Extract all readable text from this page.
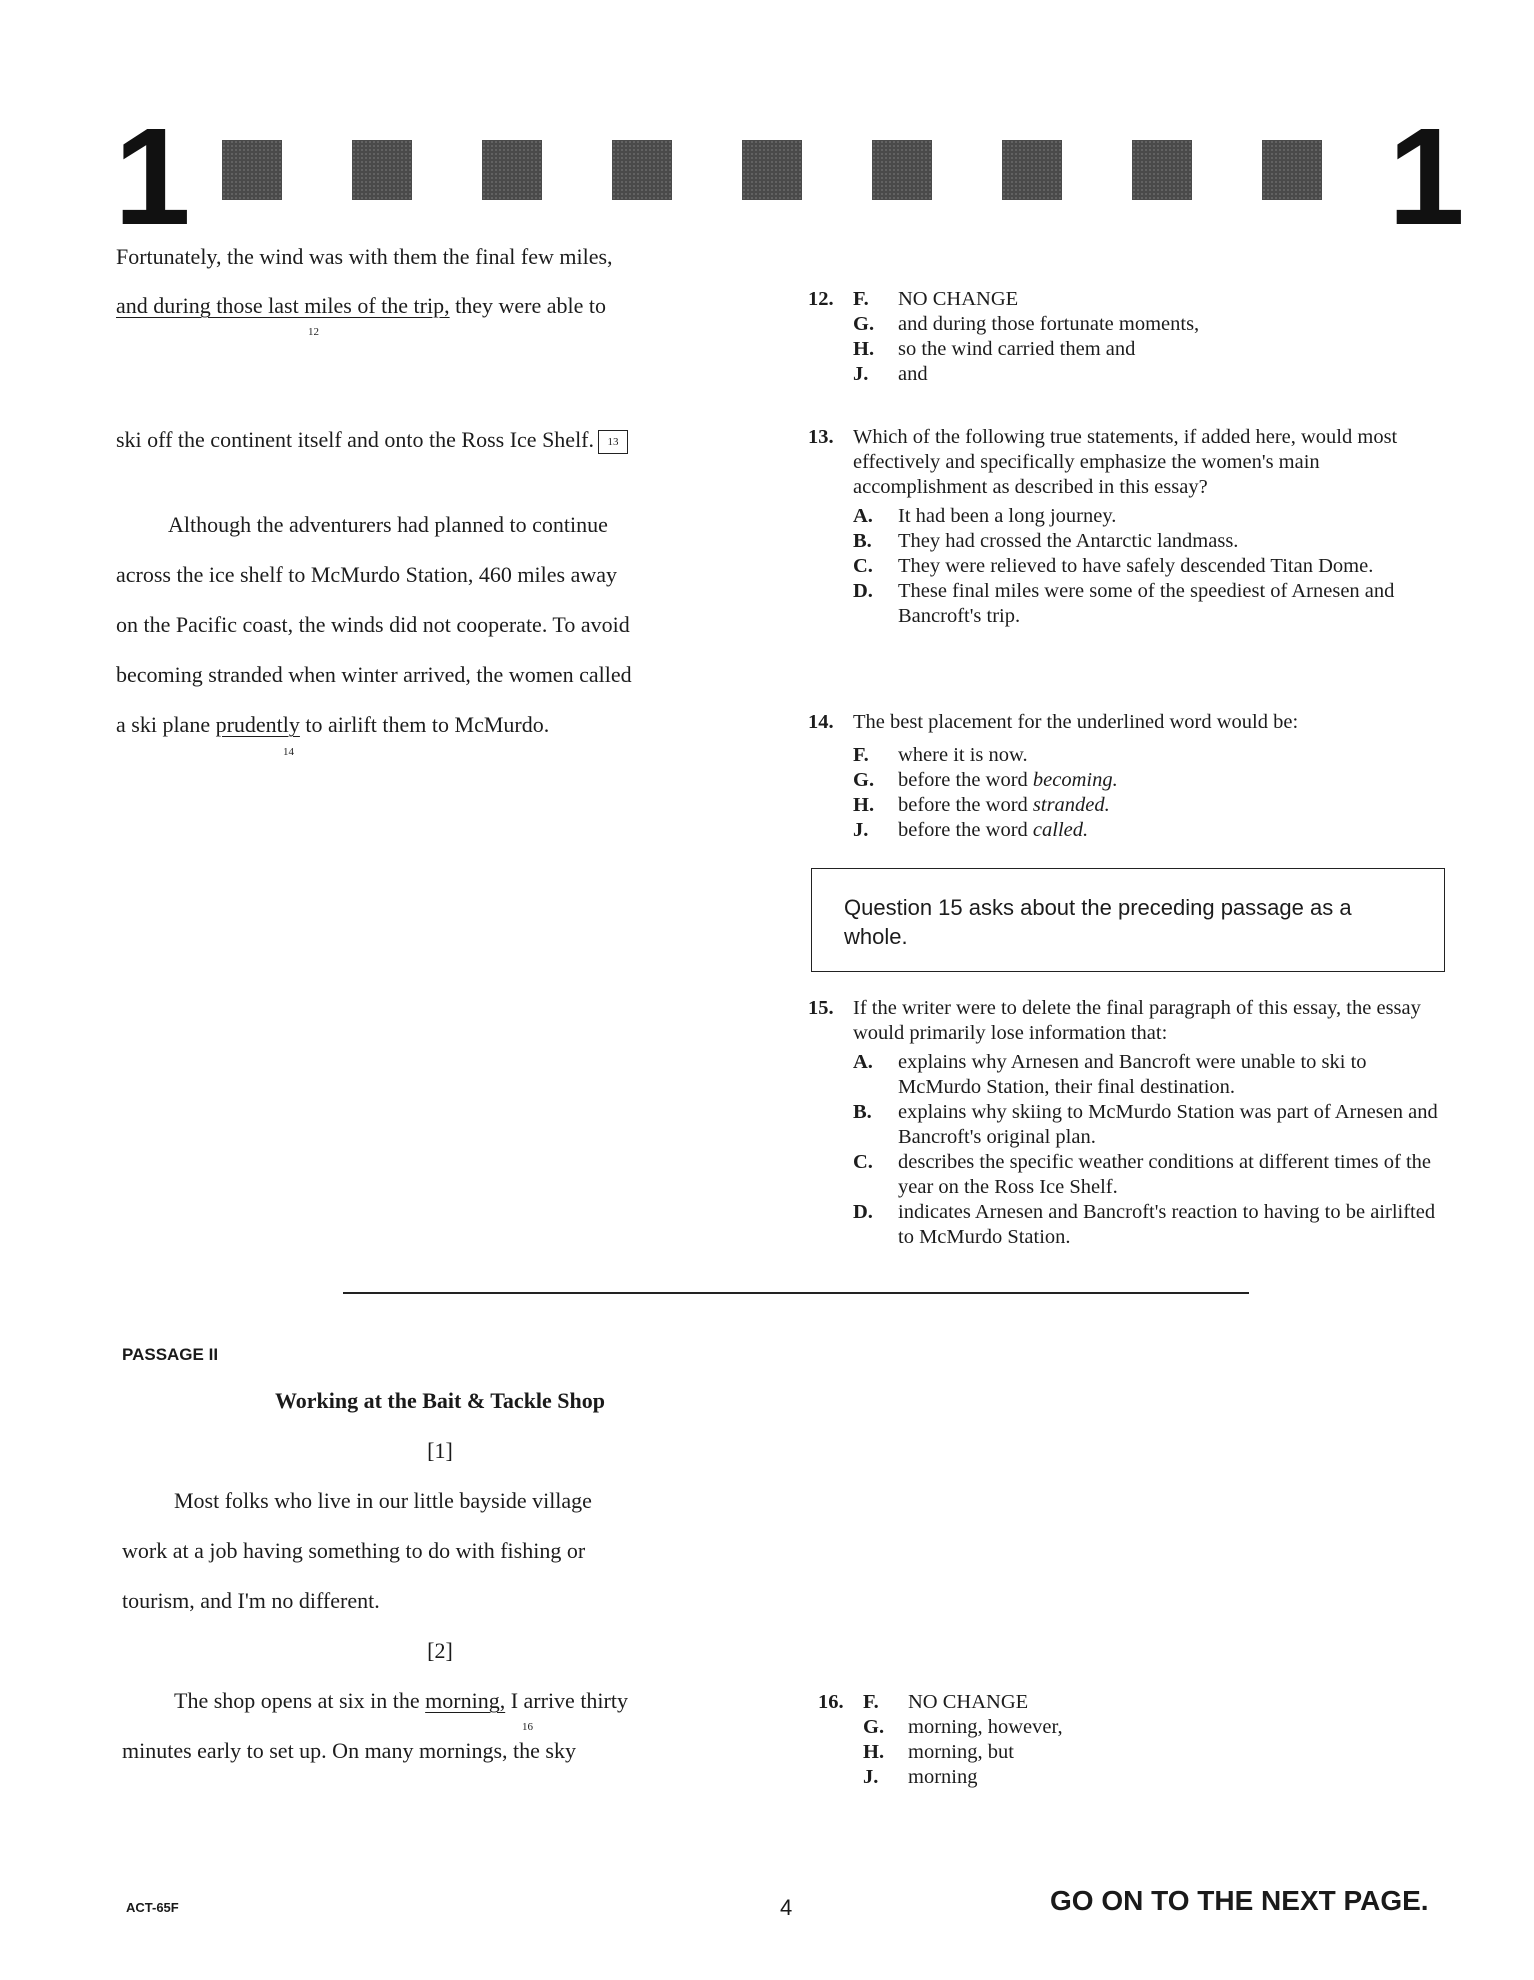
1	1
Fortunately, the wind was with them the final few miles,
and during those last miles of the trip, they were able to
12
ski off the continent itself and onto the Ross Ice Shelf. 13
Although the adventurers had planned to continue
across the ice shelf to McMurdo Station, 460 miles away
on the Pacific coast, the winds did not cooperate. To avoid
becoming stranded when winter arrived, the women called
a ski plane prudently to airlift them to McMurdo.
14
12. F.	NO CHANGE
G.	and during those fortunate moments,
H.	so the wind carried them and
J.	and
13. Which of the following true statements, if added here, would most effectively and specifically emphasize the women's main accomplishment as described in this essay?
A.	It had been a long journey.
B.	They had crossed the Antarctic landmass.
C.	They were relieved to have safely descended Titan Dome.
D.	These final miles were some of the speediest of Arnesen and Bancroft's trip.
14. The best placement for the underlined word would be:
F.	where it is now.
G.	before the word becoming.
H.	before the word stranded.
J.	before the word called.
Question 15 asks about the preceding passage as a whole.
15. If the writer were to delete the final paragraph of this essay, the essay would primarily lose information that:
A.	explains why Arnesen and Bancroft were unable to ski to McMurdo Station, their final destination.
B.	explains why skiing to McMurdo Station was part of Arnesen and Bancroft's original plan.
C.	describes the specific weather conditions at different times of the year on the Ross Ice Shelf.
D.	indicates Arnesen and Bancroft's reaction to having to be airlifted to McMurdo Station.
PASSAGE II
Working at the Bait & Tackle Shop
[1]
Most folks who live in our little bayside village
work at a job having something to do with fishing or
tourism, and I'm no different.
[2]
The shop opens at six in the morning, I arrive thirty
16
minutes early to set up. On many mornings, the sky
16. F.	NO CHANGE
G.	morning, however,
H.	morning, but
J.	morning
ACT-65F	4	GO ON TO THE NEXT PAGE.
